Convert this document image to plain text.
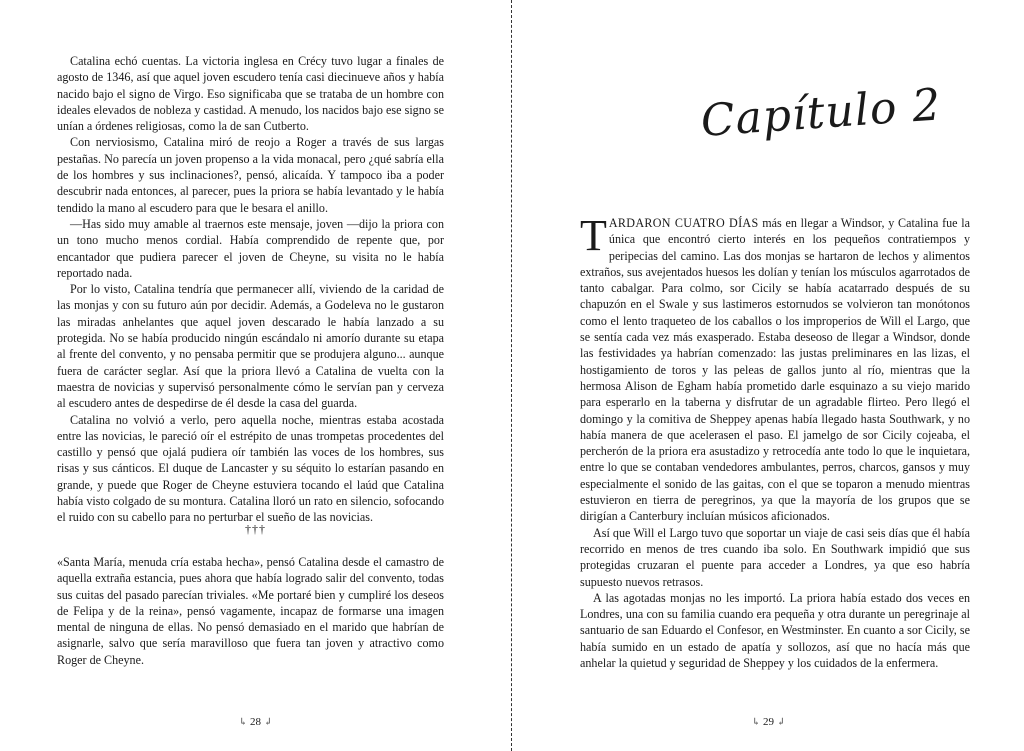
Catalina echó cuentas. La victoria inglesa en Crécy tuvo lugar a finales de agosto de 1346, así que aquel joven escudero tenía casi diecinueve años y había nacido bajo el signo de Virgo. Eso significaba que se trataba de un hombre con ideales elevados de nobleza y castidad. A menudo, los nacidos bajo ese signo se unían a órdenes religiosas, como la de san Cutberto.

Con nerviosismo, Catalina miró de reojo a Roger a través de sus largas pestañas. No parecía un joven propenso a la vida monacal, pero ¿qué sabría ella de los hombres y sus inclinaciones?, pensó, alicaída. Y tampoco iba a poder descubrir nada entonces, al parecer, pues la priora se había levantado y le había tendido la mano al escudero para que le besara el anillo.

—Has sido muy amable al traernos este mensaje, joven —dijo la priora con un tono mucho menos cordial. Había comprendido de repente que, por encantador que pudiera parecer el joven de Cheyne, su visita no le había reportado nada.

Por lo visto, Catalina tendría que permanecer allí, viviendo de la caridad de las monjas y con su futuro aún por decidir. Además, a Godeleva no le gustaron las miradas anhelantes que aquel joven descarado le había lanzado a su protegida. No se había producido ningún escándalo ni amorío durante su etapa al frente del convento, y no pensaba permitir que se produjera alguno... aunque fuera de carácter seglar. Así que la priora llevó a Catalina de vuelta con la maestra de novicias y supervisó personalmente cómo le servían pan y cerveza al escudero antes de despedirse de él desde la casa del guarda.

Catalina no volvió a verlo, pero aquella noche, mientras estaba acostada entre las novicias, le pareció oír el estrépito de unas trompetas procedentes del castillo y pensó que ojalá pudiera oír también las voces de los hombres, sus risas y sus cánticos. El duque de Lancaster y su séquito lo estarían pasando en grande, y puede que Roger de Cheyne estuviera tocando el laúd que Catalina había visto colgado de su montura. Catalina lloró un rato en silencio, sofocando el ruido con su cabello para no perturbar el sueño de las novicias.

†††

«Santa María, menuda cría estaba hecha», pensó Catalina desde el camastro de aquella extraña estancia, pues ahora que había logrado salir del convento, todas sus cuitas del pasado parecían triviales. «Me portaré bien y cumpliré los deseos de Felipa y de la reina», pensó vagamente, incapaz de formarse una imagen mental de ninguna de ellas. No pensó demasiado en el marido que habrían de asignarle, salvo que sería maravilloso que fuera tan joven y atractivo como Roger de Cheyne.

↳ 28 ↲
Capítulo 2

TARDARON CUATRO DÍAS más en llegar a Windsor, y Catalina fue la única que encontró cierto interés en los pequeños contratiempos y peripecias del camino. Las dos monjas se hartaron de lechos y alimentos extraños, sus avejentados huesos les dolían y tenían los músculos agarrotados de tanto cabalgar. Para colmo, sor Cicily se había acatarrado después de su chapuzón en el Swale y sus lastimeros estornudos se volvieron tan monótonos como el lento traqueteo de los caballos o los improperios de Will el Largo, que se sentía cada vez más exasperado. Estaba deseoso de llegar a Windsor, donde las festividades ya habrían comenzado: las justas preliminares en las lizas, el hostigamiento de toros y las peleas de gallos junto al río, mientras que la hermosa Alison de Egham había prometido darle esquinazo a su viejo marido para esperarlo en la taberna y disfrutar de un agradable flirteo. Pero llegó el domingo y la comitiva de Sheppey apenas había llegado hasta Southwark, y no había manera de que acelerasen el paso. El jamelgo de sor Cicily cojeaba, el percherón de la priora era asustadizo y retrocedía ante todo lo que le inquietara, entre lo que se contaban vendedores ambulantes, perros, charcos, gansos y muy especialmente el sonido de las gaitas, con el que se toparon a menudo mientras estuvieron en tierra de peregrinos, ya que la mayoría de los grupos que se dirigían a Canterbury incluían músicos aficionados.

Así que Will el Largo tuvo que soportar un viaje de casi seis días que él había recorrido en menos de tres cuando iba solo. En Southwark impidió que sus protegidas cruzaran el puente para acceder a Londres, ya que eso habría supuesto nuevos retrasos.

A las agotadas monjas no les importó. La priora había estado dos veces en Londres, una con su familia cuando era pequeña y otra durante un peregrinaje al santuario de san Eduardo el Confesor, en Westminster. En cuanto a sor Cicily, se había sumido en un estado de apatía y sollozos, así que no hacía más que anhelar la quietud y seguridad de Sheppey y los cuidados de la enfermera.

↳ 29 ↲
